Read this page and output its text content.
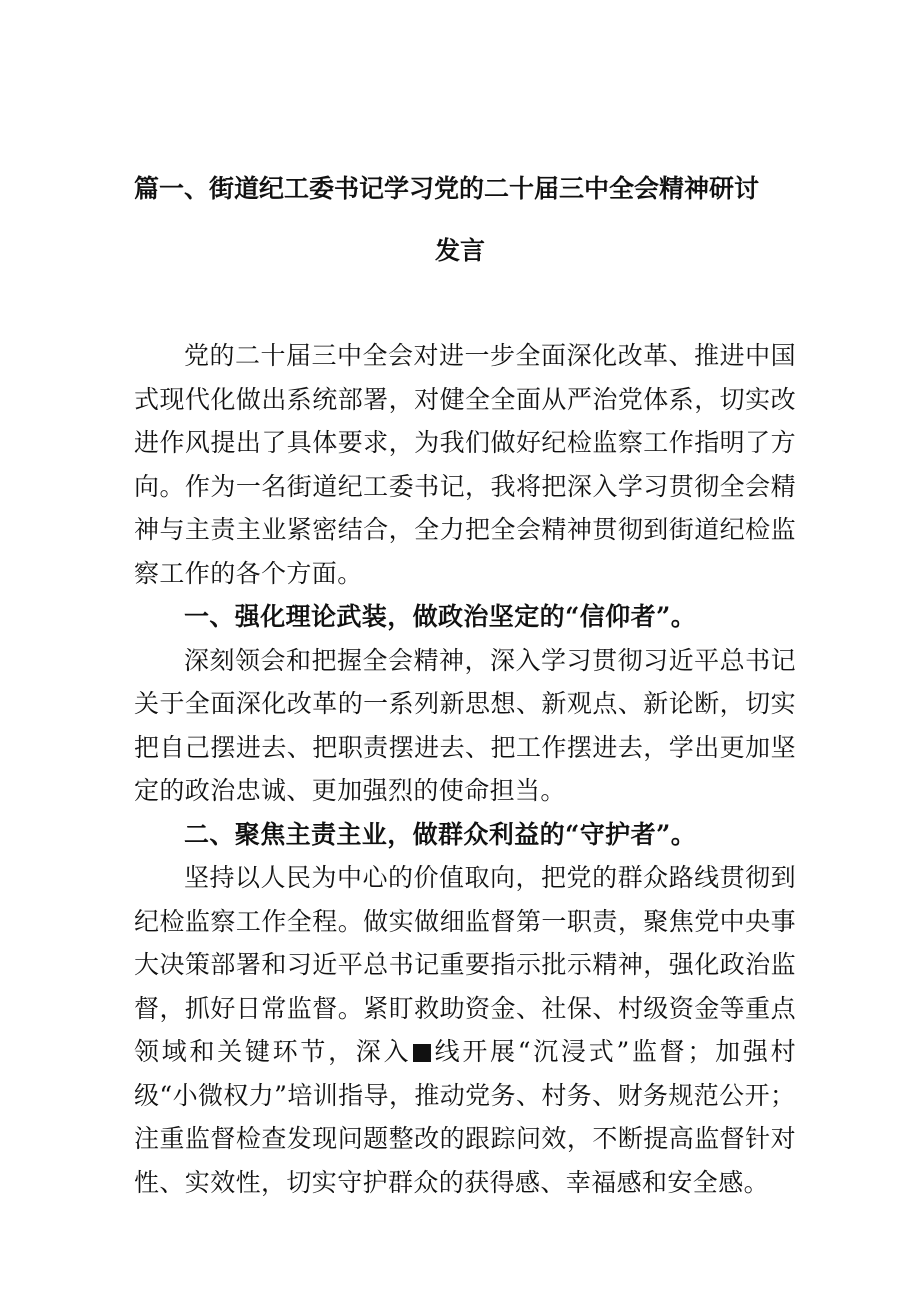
篇一、街道纪工委书记学习党的二十届三中全会精神研讨
发言

党的二十届三中全会对进一步全面深化改革、推进中国式现代化做出系统部署，对健全全面从严治党体系，切实改进作风提出了具体要求，为我们做好纪检监察工作指明了方向。作为一名街道纪工委书记，我将把深入学习贯彻全会精神与主责主业紧密结合，全力把全会精神贯彻到街道纪检监察工作的各个方面。

一、强化理论武装，做政治坚定的“信仰者”。

深刻领会和把握全会精神，深入学习贯彻习近平总书记关于全面深化改革的一系列新思想、新观点、新论断，切实把自己摆进去、把职责摆进去、把工作摆进去，学出更加坚定的政治忠诚、更加强烈的使命担当。

二、聚焦主责主业，做群众利益的“守护者”。

坚持以人民为中心的价值取向，把党的群众路线贯彻到纪检监察工作全程。做实做细监督第一职责，聚焦党中央事大决策部署和习近平总书记重要指示批示精神，强化政治监督，抓好日常监督。紧盯救助资金、社保、村级资金等重点领域和关键环节，深入 线开展“沉浸式”监督；加强村级“小微权力”培训指导，推动党务、村务、财务规范公开；

注重监督检查发现问题整改的跟踪问效，不断提高监督针对性、实效性，切实守护群众的获得感、幸福感和安全感。
